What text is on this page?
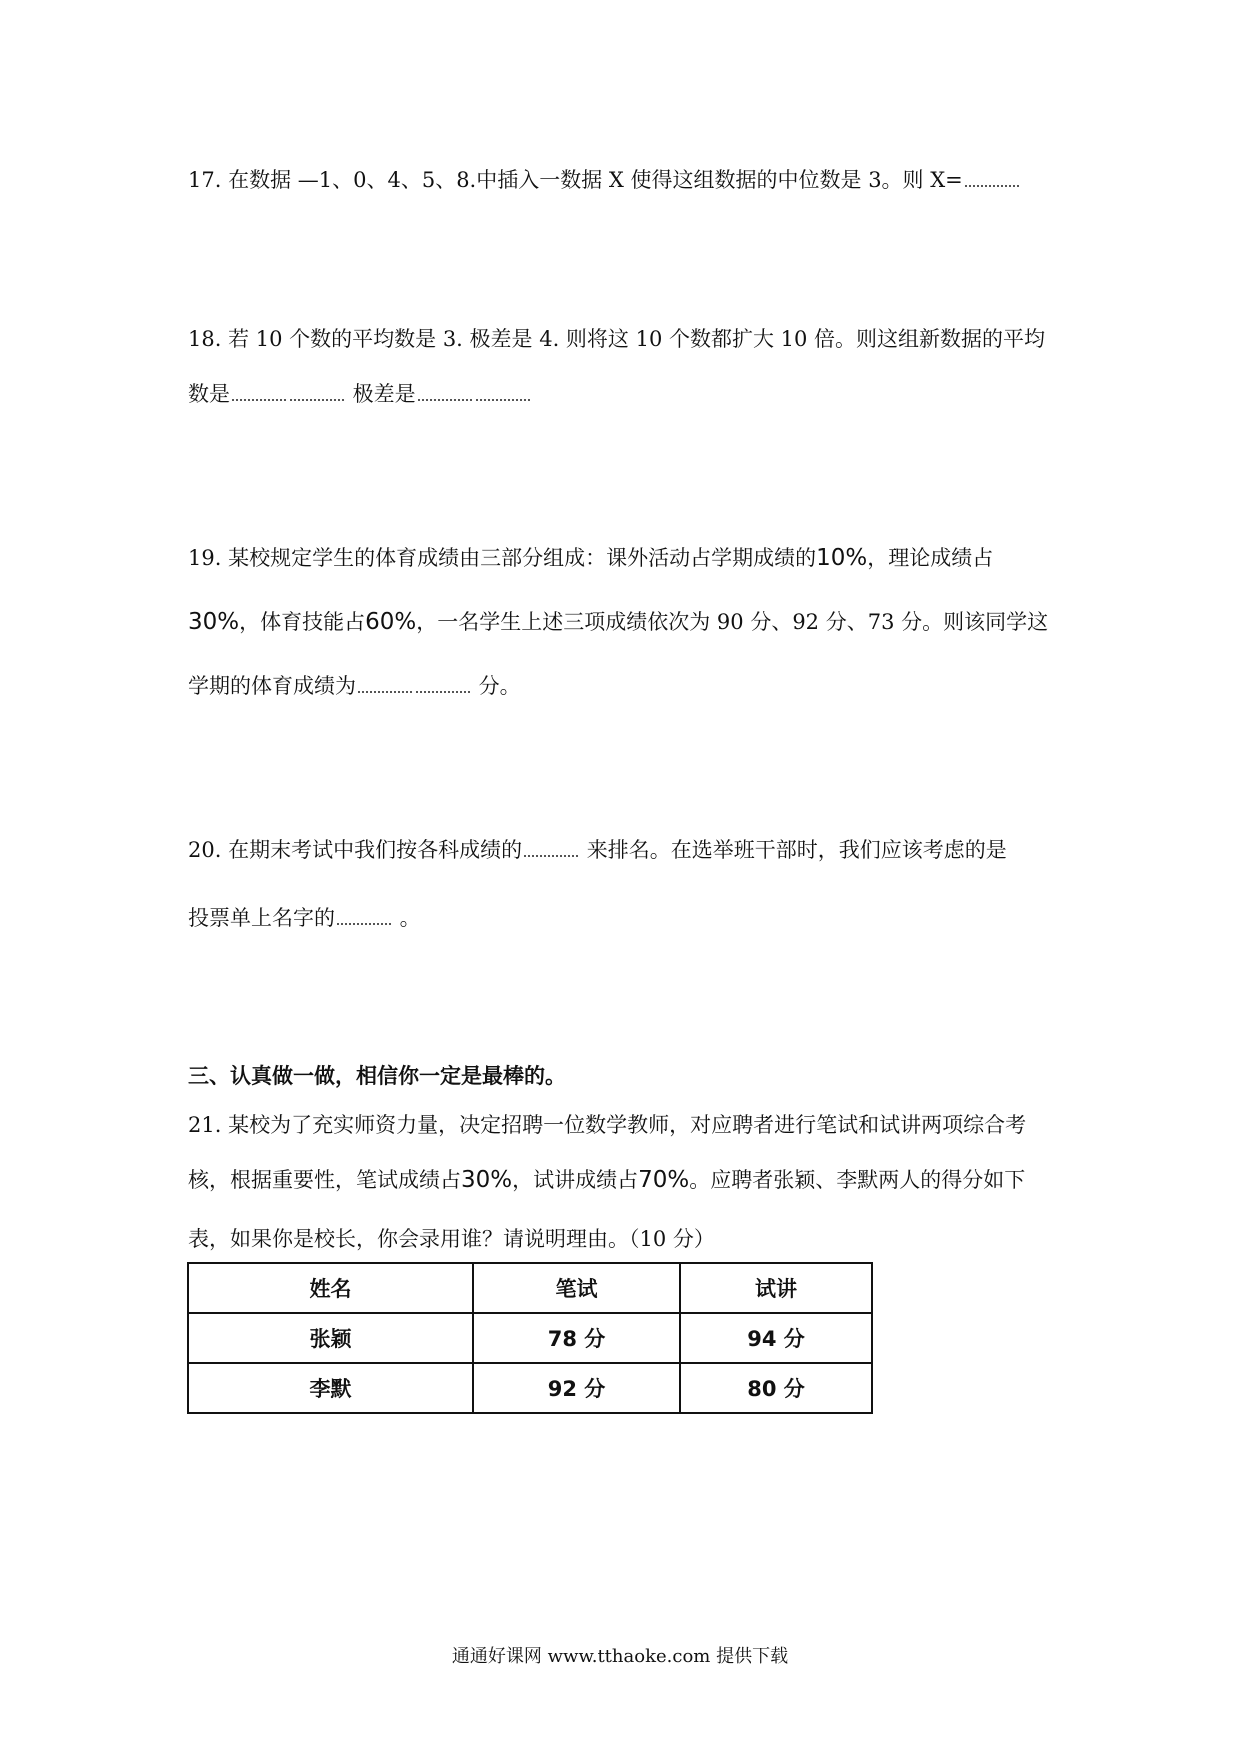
17. 在数据 —1、0、4、5、8.中插入一数据 X 使得这组数据的中位数是 3。则 X=
18. 若 10 个数的平均数是 3. 极差是 4. 则将这 10 个数都扩大 10 倍。则这组新数据的平均
数是	极差是
19. 某校规定学生的体育成绩由三部分组成：课外活动占学期成绩的10%，理论成绩占
30%，体育技能占60%，一名学生上述三项成绩依次为 90 分、92 分、73 分。则该同学这
学期的体育成绩为	分。
20. 在期末考试中我们按各科成绩的	来排名。在选举班干部时，我们应该考虑的是
投票单上名字的	。
三、认真做一做，相信你一定是最棒的。
21. 某校为了充实师资力量，决定招聘一位数学教师，对应聘者进行笔试和试讲两项综合考
核，根据重要性，笔试成绩占30%，试讲成绩占70%。应聘者张颖、李默两人的得分如下
表，如果你是校长，你会录用谁？请说明理由。（10 分）
姓名	笔试	试讲
张颖	78 分	94 分
李默	92 分	80 分
通通好课网 www.tthaoke.com 提供下载
